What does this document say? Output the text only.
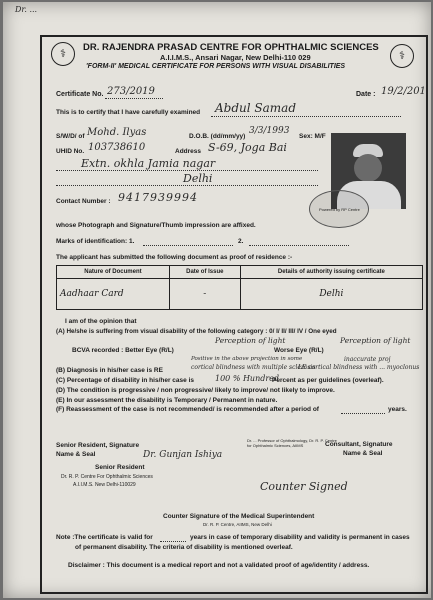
Dr. ...
⚕	⚕
DR. RAJENDRA PRASAD CENTRE FOR OPHTHALMIC SCIENCES
A.I.I.M.S., Ansari Nagar, New Delhi-110 029
'FORM-II' MEDICAL CERTIFICATE FOR PERSONS WITH VISUAL DISABILITIES
Certificate No. 273/2019	Date : 19/2/201
This is to certify that I have carefully examined Abdul Samad
S/W/D/ of Mohd. Ilyas	D.O.B. (dd/mm/yy)
3/3/1993
Sex: M/F
UHID No. 103738610	Address S-69, Joga Bai
Extn. okhla Jamia nagar
Delhi
Powered by RP Centre
Contact Number : 9417939994
whose Photograph and Signature/Thumb impression are affixed.
Marks of identification: 1.	2.
The applicant has submitted the following document as proof of residence :-
Nature of Document	Date of Issue	Details of authority issuing certificate
Aadhaar Card	-	Delhi
I am of the opinion that
(A) He/she is suffering from visual disability of the following category : 0/ I/ II/ III/ IV / One eyed
Perception of light	Perception of light
BCVA recorded : Better Eye (R/L)	Worse Eye (R/L)
Positive in the above projection in some	inaccurate proj
(B) Diagnosis in his/her case is RE	cortical blindness with multiple sclerosis
LE cortical blindness with ... myoclonus
(C) Percentage of disability in his/her case is	100 % Hundred
Percent as per guidelines (overleaf).
(D) The condition is progressive / non progressive/ likely to improve/ not likely to improve.
(E) In our assessment the disability is Temporary / Permanent in nature.
(F) Reassessment of the case is not recommended/ is recommended after a period of	years.
Senior Resident, Signature
Name & Seal	Dr. Gunjan Ishiya
Senior Resident
Dr. R. P. Centre For Ophthalmic Sciences
A.I.I.M.S. New Delhi-110029
Consultant, Signature
Name & Seal
Dr. ... Professor of Ophthalmology, Dr. R. P. Centre for Ophthalmic Sciences, AIIMS
Counter Signed
Counter Signature of the Medical Superintendent
Dr. R. P. Centre, AIIMS, New Delhi
Note :The certificate is valid for	years in case of temporary disability and validity is permanent in cases
of permanent disability. The criteria of disability is mentioned overleaf.
Disclaimer : This document is a medical report and not a validated proof of age/identity / address.
